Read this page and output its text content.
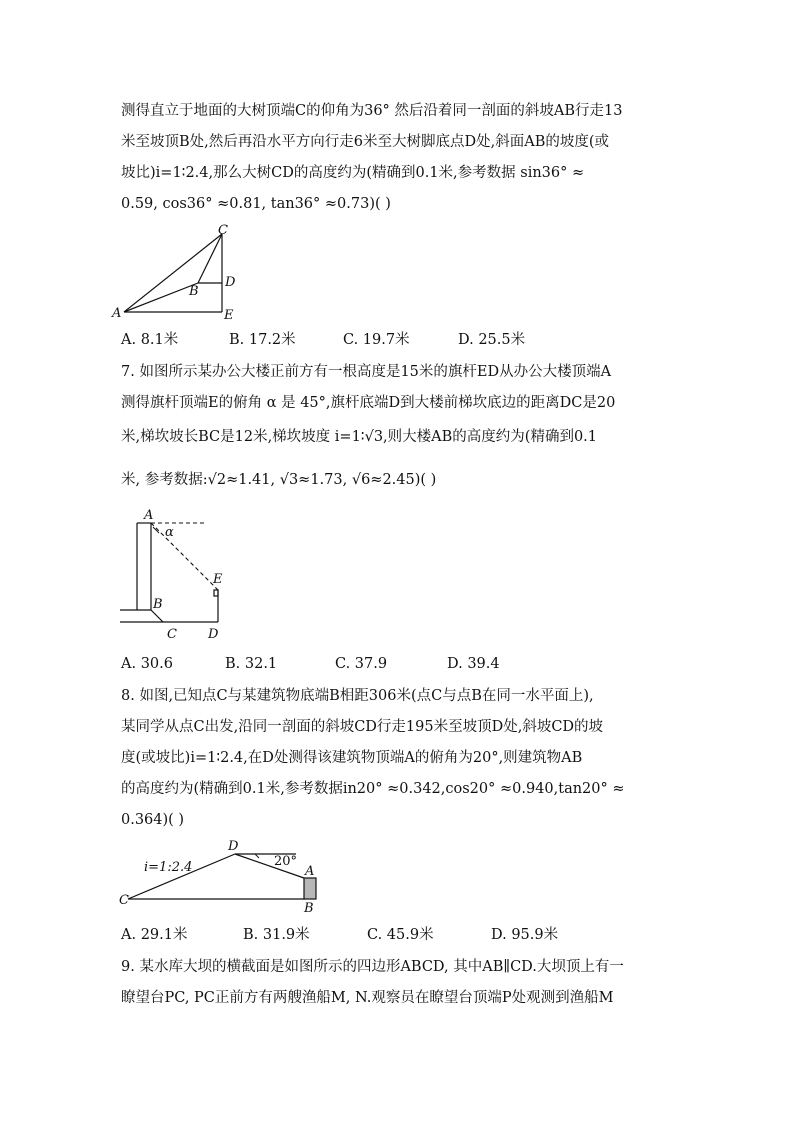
测得直立于地面的大树顶端C的仰角为36° 然后沿着同一剖面的斜坡AB行走13
米至坡顶B处,然后再沿水平方向行走6米至大树脚底点D处,斜面AB的坡度(或
坡比)i=1∶2.4,那么大树CD的高度约为(精确到0.1米,参考数据 sin36° ≈
0.59, cos36° ≈0.81, tan36° ≈0.73)( )
C
D
B
A	E
A. 8.1米	B. 17.2米	C. 19.7米	D. 25.5米
7. 如图所示某办公大楼正前方有一根高度是15米的旗杆ED从办公大楼顶端A
测得旗杆顶端E的俯角 α 是 45°,旗杆底端D到大楼前梯坎底边的距离DC是20
米,梯坎坡长BC是12米,梯坎坡度 i=1∶√3,则大楼AB的高度约为(精确到0.1
米, 参考数据:√2≈1.41, √3≈1.73, √6≈2.45)( )
A
α
E
B
C D
A. 30.6	B. 32.1	C. 37.9	D. 39.4
8. 如图,已知点C与某建筑物底端B相距306米(点C与点B在同一水平面上),
某同学从点C出发,沿同一剖面的斜坡CD行走195米至坡顶D处,斜坡CD的坡
度(或坡比)i=1∶2.4,在D处测得该建筑物顶端A的俯角为20°,则建筑物AB
的高度约为(精确到0.1米,参考数据in20° ≈0.342,cos20° ≈0.940,tan20° ≈
0.364)( )
i=1:2.4
D
20°
A
C
B
A. 29.1米	B. 31.9米	C. 45.9米	D. 95.9米
9. 某水库大坝的横截面是如图所示的四边形ABCD, 其中AB∥CD.大坝顶上有一
瞭望台PC, PC正前方有两艘渔船M, N.观察员在瞭望台顶端P处观测到渔船M
